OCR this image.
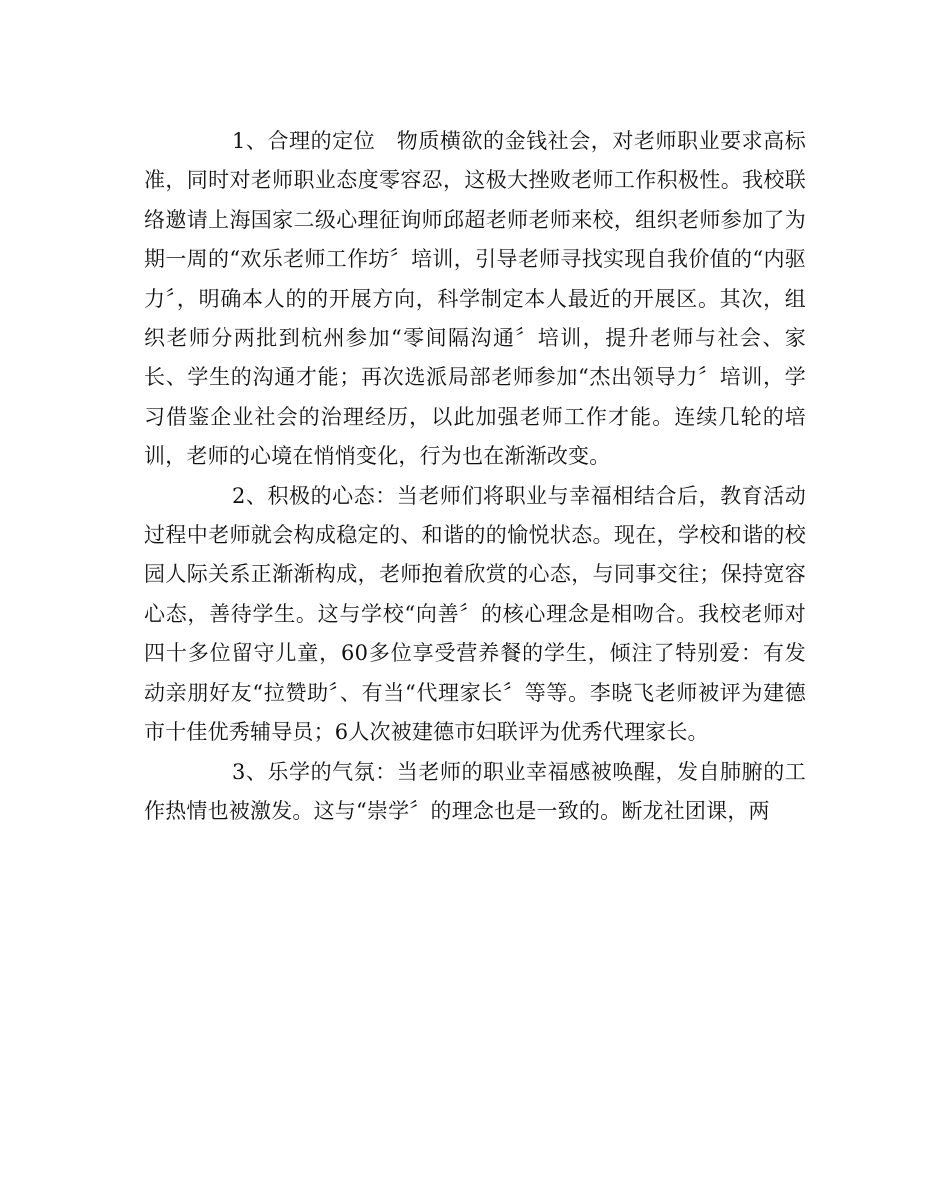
1、合理的定位　物质横欲的金钱社会，对老师职业要求高标准，同时对老师职业态度零容忍，这极大挫败老师工作积极性。我校联络邀请上海国家二级心理征询师邱超老师老师来校，组织老师参加了为期一周的“欢乐老师工作坊〞培训，引导老师寻找实现自我价值的“内驱力〞，明确本人的的开展方向，科学制定本人最近的开展区。其次，组织老师分两批到杭州参加“零间隔沟通〞培训，提升老师与社会、家长、学生的沟通才能；再次选派局部老师参加“杰出领导力〞培训，学习借鉴企业社会的治理经历，以此加强老师工作才能。连续几轮的培训，老师的心境在悄悄变化，行为也在渐渐改变。

2、积极的心态：当老师们将职业与幸福相结合后，教育活动过程中老师就会构成稳定的、和谐的的愉悦状态。现在，学校和谐的校园人际关系正渐渐构成，老师抱着欣赏的心态，与同事交往；保持宽容心态，善待学生。这与学校“向善〞的核心理念是相吻合。我校老师对四十多位留守儿童，60多位享受营养餐的学生，倾注了特别爱：有发动亲朋好友“拉赞助〞、有当“代理家长〞等等。李晓飞老师被评为建德市十佳优秀辅导员；6人次被建德市妇联评为优秀代理家长。

3、乐学的气氛：当老师的职业幸福感被唤醒，发自肺腑的工作热情也被激发。这与“崇学〞的理念也是一致的。断龙社团课，两
